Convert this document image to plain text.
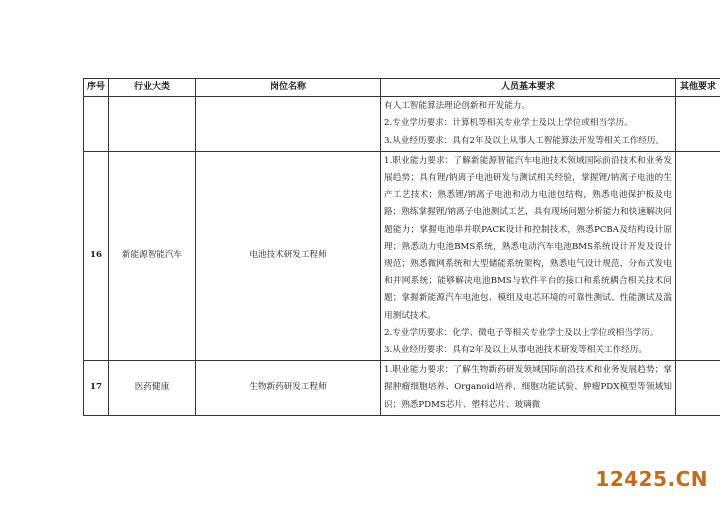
序号	行业大类	岗位名称	人员基本要求	其他要求

			有人工智能算法理论创新和开发能力。

2.专业学历要求：计算机等相关专业学士及以上学位或相当学历。

3.从业经历要求：具有2年及以上从事人工智能算法开发等相关工作经历。	

16	新能源智能汽车	电池技术研发工程师	1.职业能力要求：了解新能源智能汽车电池技术领域国际前沿技术和业务发展趋势；具有锂/钠离子电池研发与测试相关经验，掌握锂/钠离子电池的生产工艺技术；熟悉锂/钠离子电池和动力电池包结构，熟悉电池保护板及电路；熟练掌握锂/钠离子电池测试工艺，具有现场问题分析能力和快速解决问题能力；掌握电池串并联PACK设计和控制技术，熟悉PCBA及结构设计原理；熟悉动力电池BMS系统，熟悉电动汽车电池BMS系统设计开发及设计规范；熟悉微网系统和大型储能系统架构，熟悉电气设计规范、分布式发电和并网系统；能够解决电池BMS与软件平台的接口和系统耦合相关技术问题；掌握新能源汽车电池包、模组及电芯环境的可靠性测试、性能测试及滥用测试技术。

2.专业学历要求：化学、微电子等相关专业学士及以上学位或相当学历。

3.从业经历要求：具有2年及以上从事电池技术研发等相关工作经历。	

17	医药健康	生物新药研发工程师	1.职业能力要求：了解生物新药研发领域国际前沿技术和业务发展趋势；掌握肿瘤细胞培养、Organoid培养、细胞功能试验、肿瘤PDX模型等领域知识；熟悉PDMS芯片、塑料芯片、玻璃微	

12425.CN
